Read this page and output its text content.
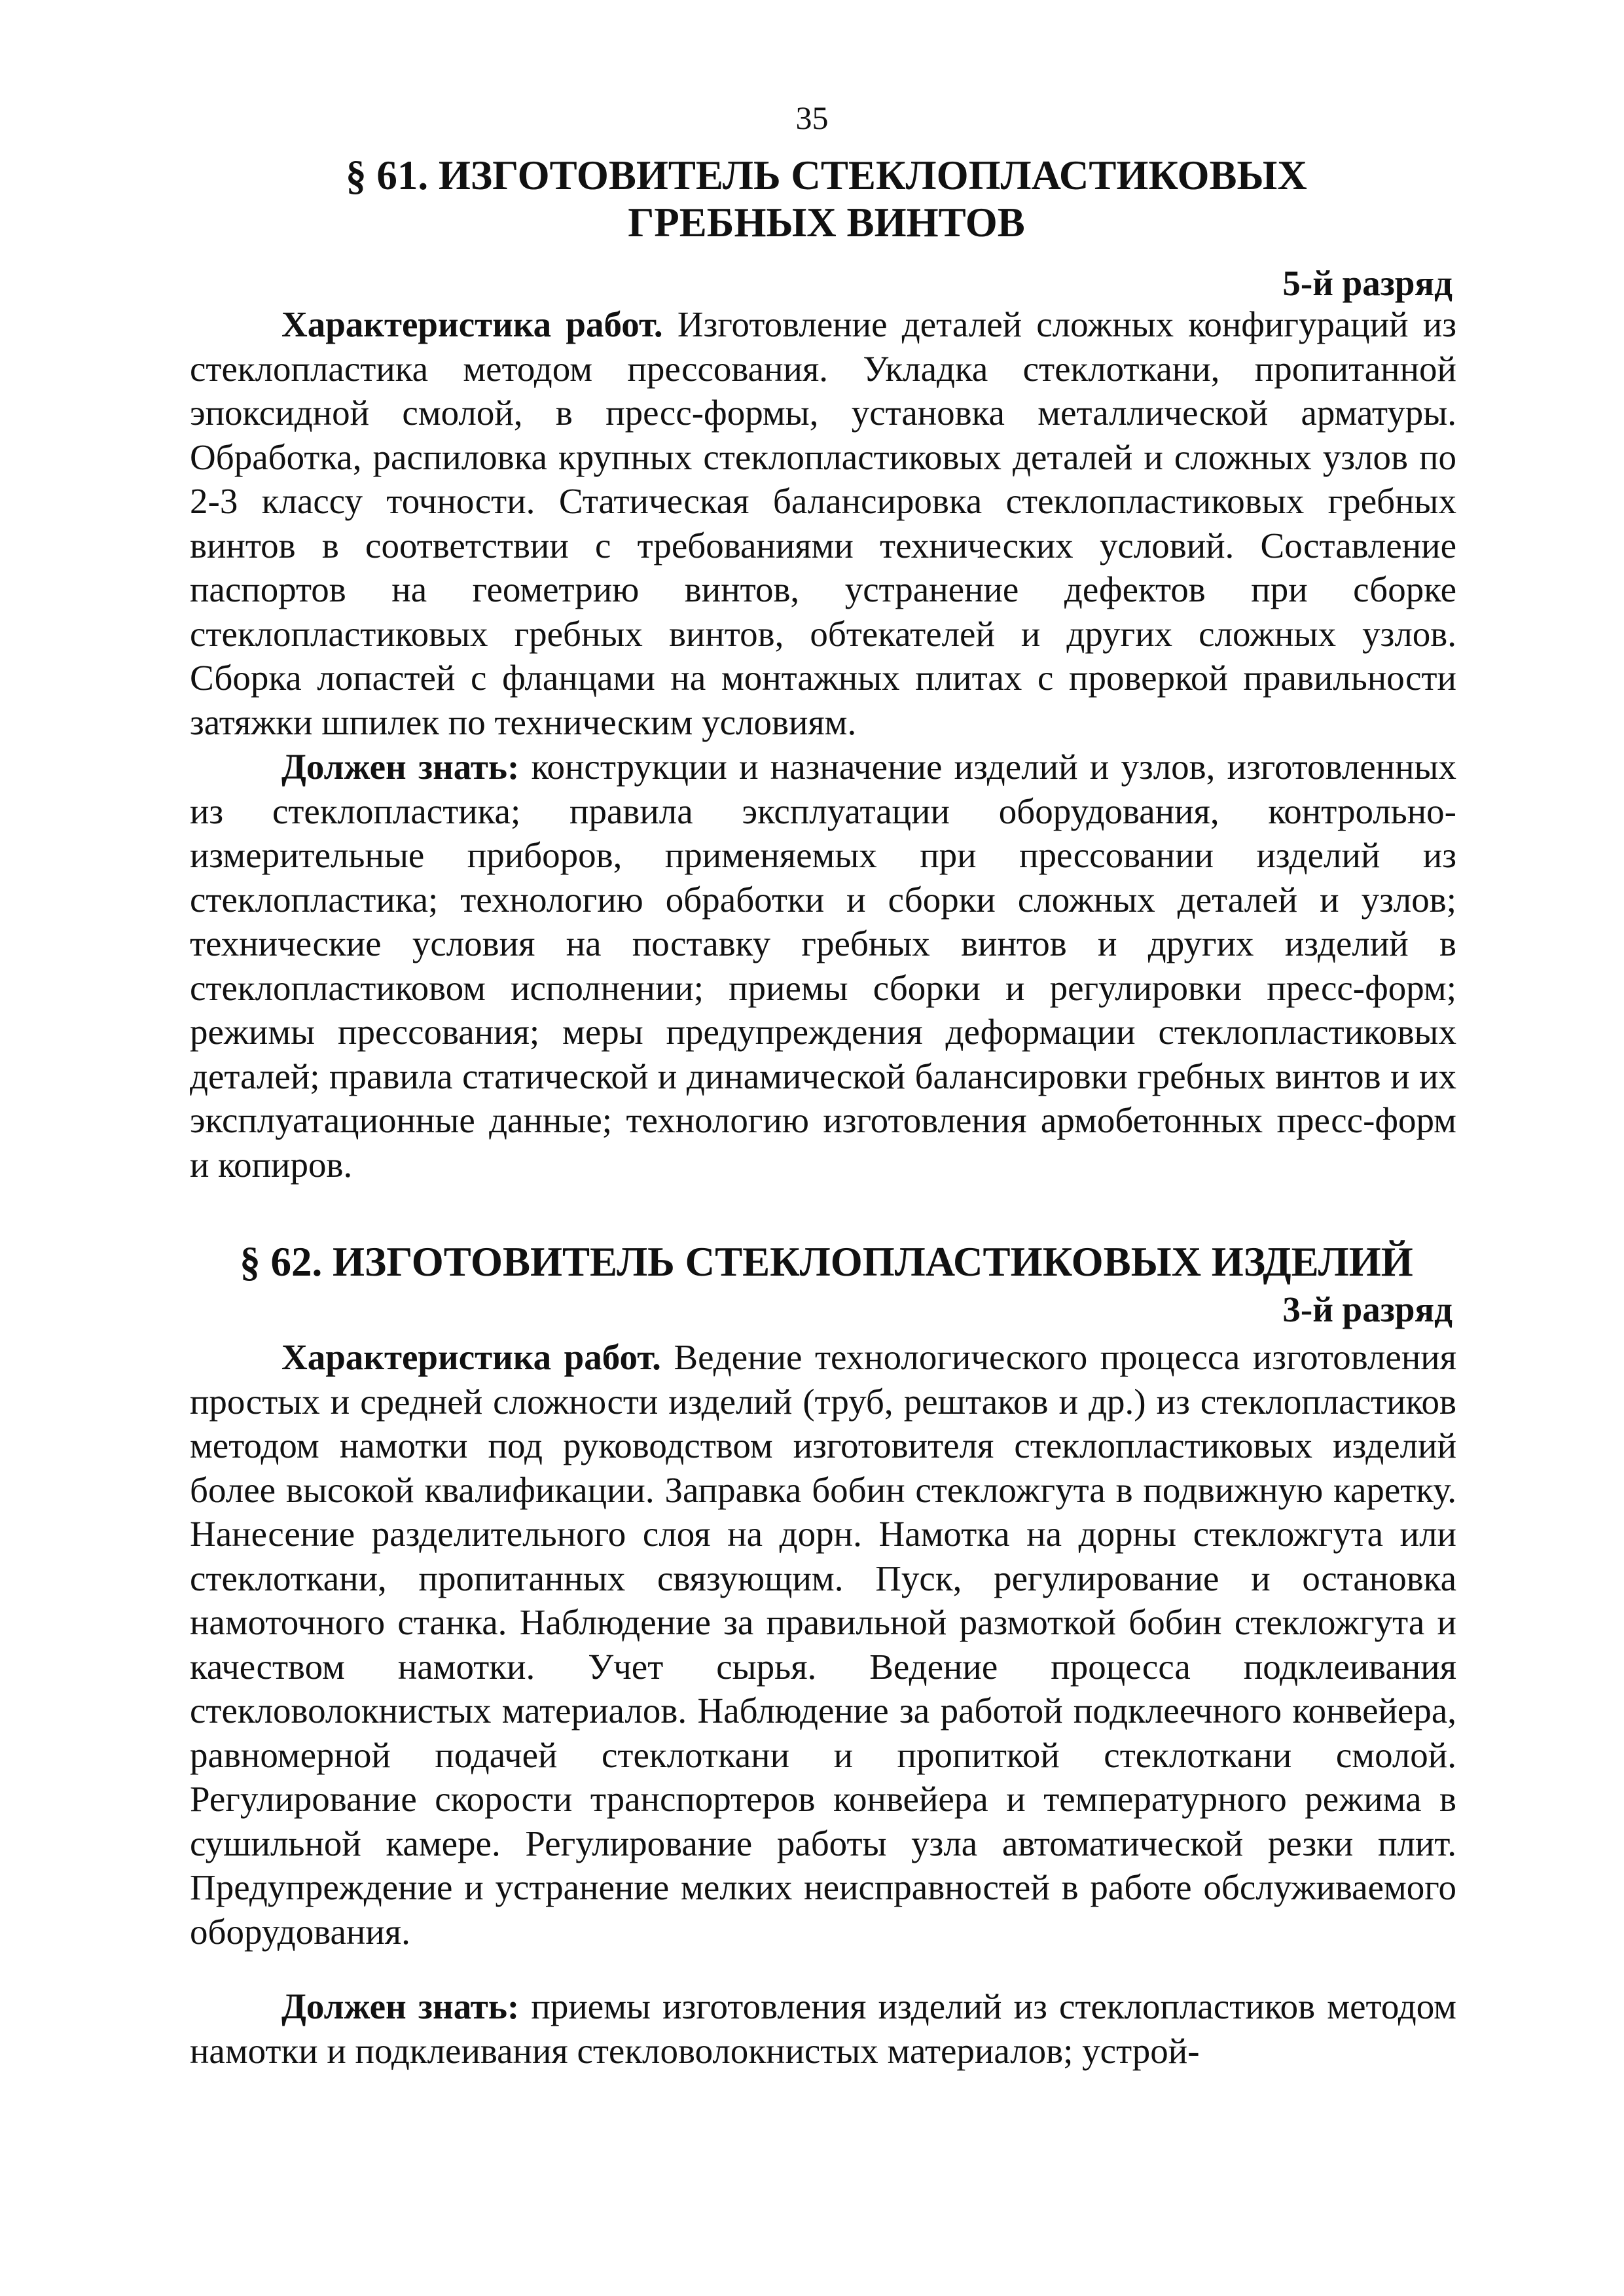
35
§ 61. ИЗГОТОВИТЕЛЬ СТЕКЛОПЛАСТИКОВЫХ
ГРЕБНЫХ ВИНТОВ
5-й разряд

Характеристика работ. Изготовление деталей сложных конфигураций из стеклопластика методом прессования. Укладка стеклоткани, пропитанной эпоксидной смолой, в пресс-формы, установка металлической арматуры. Обработка, распиловка крупных стеклопластиковых деталей и сложных узлов по 2-3 классу точности. Статическая балансировка стеклопластиковых гребных винтов в соответствии с требованиями технических условий. Составление паспортов на геометрию винтов, устранение дефектов при сборке стеклопластиковых гребных винтов, обтекателей и других сложных узлов. Сборка лопастей с фланцами на монтажных плитах с проверкой правильности затяжки шпилек по техническим условиям.

Должен знать: конструкции и назначение изделий и узлов, изготовленных из стеклопластика; правила эксплуатации оборудования, контрольно-измерительные приборов, применяемых при прессовании изделий из стеклопластика; технологию обработки и сборки сложных деталей и узлов; технические условия на поставку гребных винтов и других изделий в стеклопластиковом исполнении; приемы сборки и регулировки пресс-форм; режимы прессования; меры предупреждения деформации стеклопластиковых деталей; правила статической и динамической балансировки гребных винтов и их эксплуатационные данные; технологию изготовления армобетонных пресс-форм и копиров.

§ 62. ИЗГОТОВИТЕЛЬ СТЕКЛОПЛАСТИКОВЫХ ИЗДЕЛИЙ
3-й разряд

Характеристика работ. Ведение технологического процесса изготовления простых и средней сложности изделий (труб, рештаков и др.) из стеклопластиков методом намотки под руководством изготовителя стеклопластиковых изделий более высокой квалификации. Заправка бобин стекложгута в подвижную каретку. Нанесение разделительного слоя на дорн. Намотка на дорны стекложгута или стеклоткани, пропитанных связующим. Пуск, регулирование и остановка намоточного станка. Наблюдение за правильной размоткой бобин стекложгута и качеством намотки. Учет сырья. Ведение процесса подклеивания стекловолокнистых материалов. Наблюдение за работой подклеечного конвейера, равномерной подачей стеклоткани и пропиткой стеклоткани смолой. Регулирование скорости транспортеров конвейера и температурного режима в сушильной камере. Регулирование работы узла автоматической резки плит. Предупреждение и устранение мелких неисправностей в работе обслуживаемого оборудования.

Должен знать: приемы изготовления изделий из стеклопластиков методом намотки и подклеивания стекловолокнистых материалов; устрой-
